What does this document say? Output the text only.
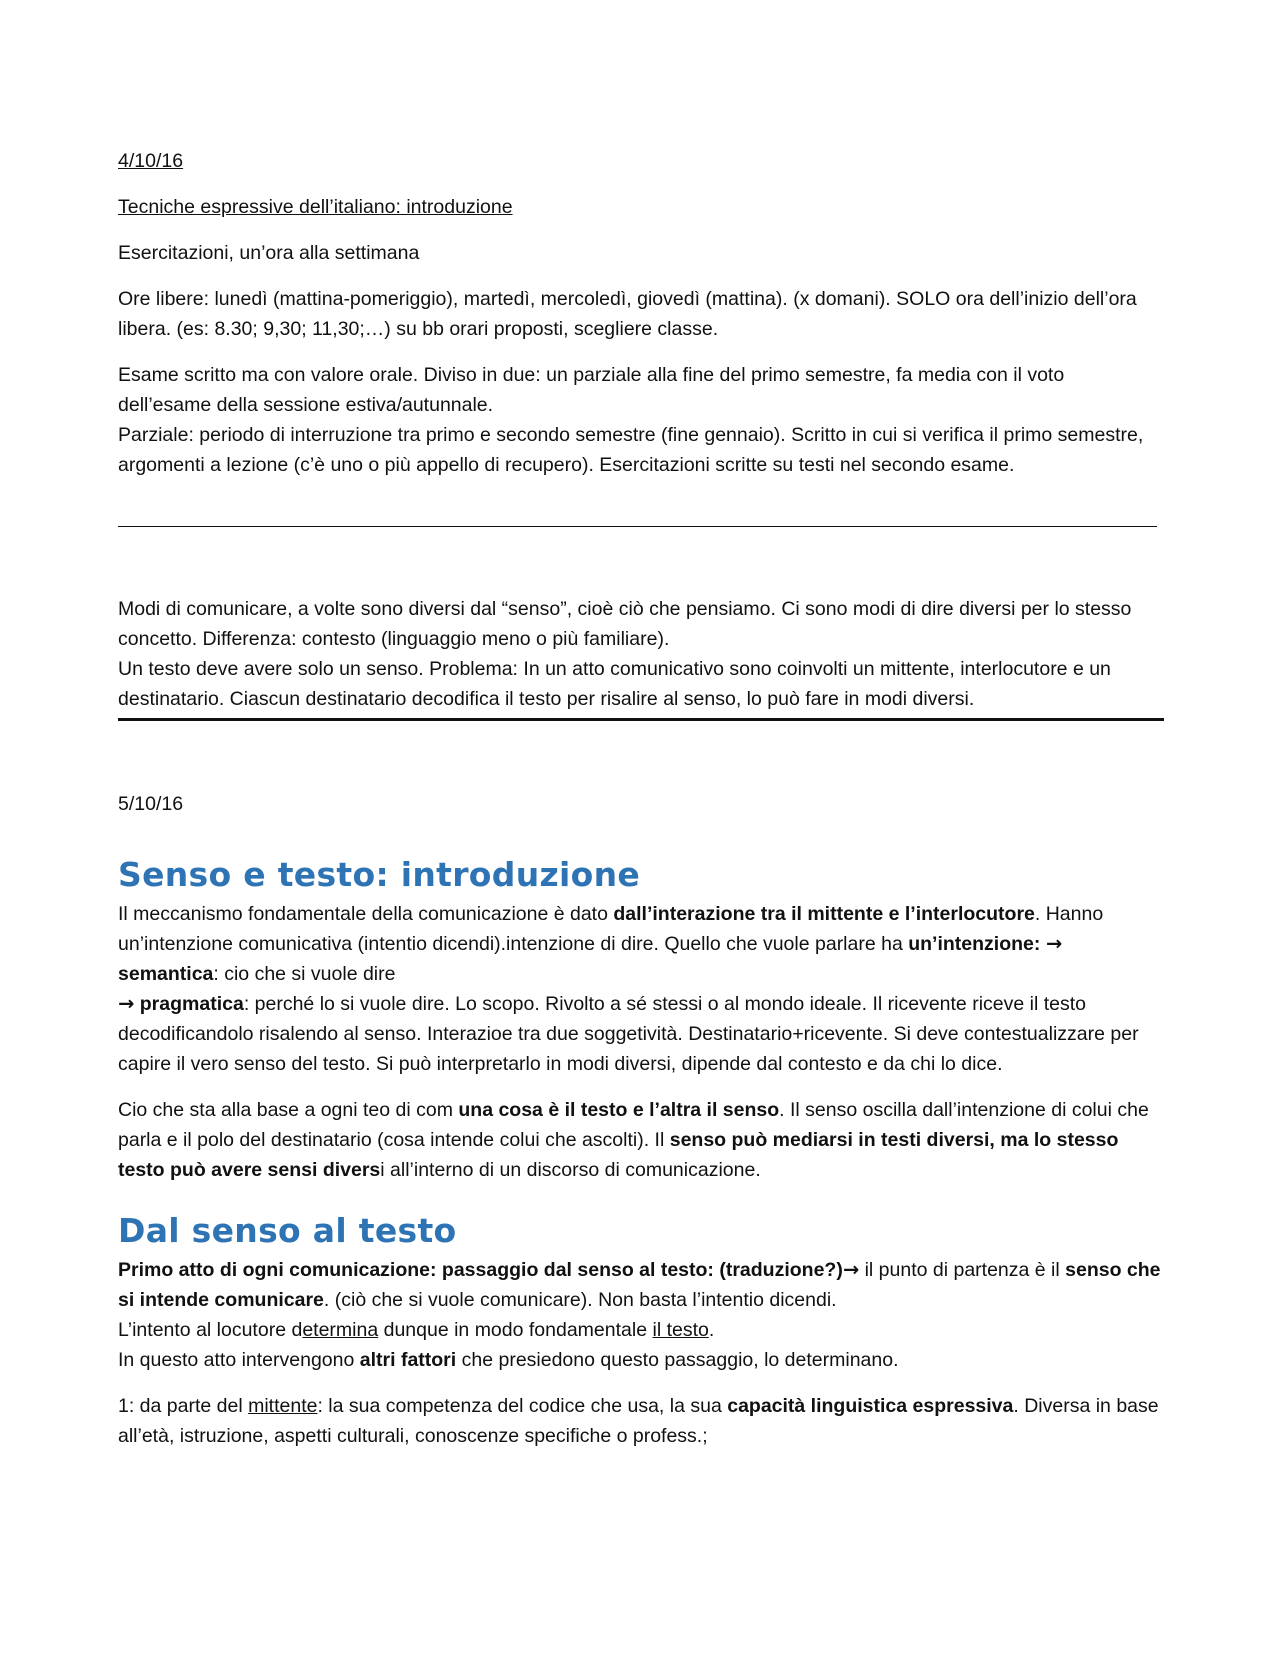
4/10/16

Tecniche espressive dell’italiano: introduzione

Esercitazioni, un’ora alla settimana

Ore libere: lunedì (mattina-pomeriggio), martedì, mercoledì, giovedì (mattina). (x domani). SOLO ora dell’inizio dell’ora libera. (es: 8.30; 9,30; 11,30;…) su bb orari proposti, scegliere classe.

Esame scritto ma con valore orale. Diviso in due: un parziale alla fine del primo semestre, fa media con il voto dell’esame della sessione estiva/autunnale.
Parziale: periodo di interruzione tra primo e secondo semestre (fine gennaio). Scritto in cui si verifica il primo semestre, argomenti a lezione (c’è uno o più appello di recupero). Esercitazioni scritte su testi nel secondo esame.

Modi di comunicare, a volte sono diversi dal “senso”, cioè ciò che pensiamo. Ci sono modi di dire diversi per lo stesso concetto. Differenza: contesto (linguaggio meno o più familiare).
Un testo deve avere solo un senso. Problema: In un atto comunicativo sono coinvolti un mittente, interlocutore e un destinatario. Ciascun destinatario decodifica il testo per risalire al senso, lo può fare in modi diversi.

5/10/16

Senso e testo: introduzione

Il meccanismo fondamentale della comunicazione è dato dall’interazione tra il mittente e l’interlocutore. Hanno un’intenzione comunicativa (intentio dicendi).intenzione di dire. Quello che vuole parlare ha un’intenzione: → semantica: cio che si vuole dire
→ pragmatica: perché lo si vuole dire. Lo scopo. Rivolto a sé stessi o al mondo ideale. Il ricevente riceve il testo decodificandolo risalendo al senso. Interazioe tra due soggetività. Destinatario+ricevente. Si deve contestualizzare per capire il vero senso del testo. Si può interpretarlo in modi diversi, dipende dal contesto e da chi lo dice.

Cio che sta alla base a ogni teo di com una cosa è il testo e l’altra il senso. Il senso oscilla dall’intenzione di colui che parla e il polo del destinatario (cosa intende colui che ascolti). Il senso può mediarsi in testi diversi, ma lo stesso testo può avere sensi diversi all’interno di un discorso di comunicazione.

Dal senso al testo

Primo atto di ogni comunicazione: passaggio dal senso al testo: (traduzione?)→ il punto di partenza è il senso che si intende comunicare. (ciò che si vuole comunicare). Non basta l’intentio dicendi.
L’intento al locutore determina dunque in modo fondamentale il testo.
In questo atto intervengono altri fattori che presiedono questo passaggio, lo determinano.

1: da parte del mittente: la sua competenza del codice che usa, la sua capacità linguistica espressiva. Diversa in base all’età, istruzione, aspetti culturali, conoscenze specifiche o profess.;
